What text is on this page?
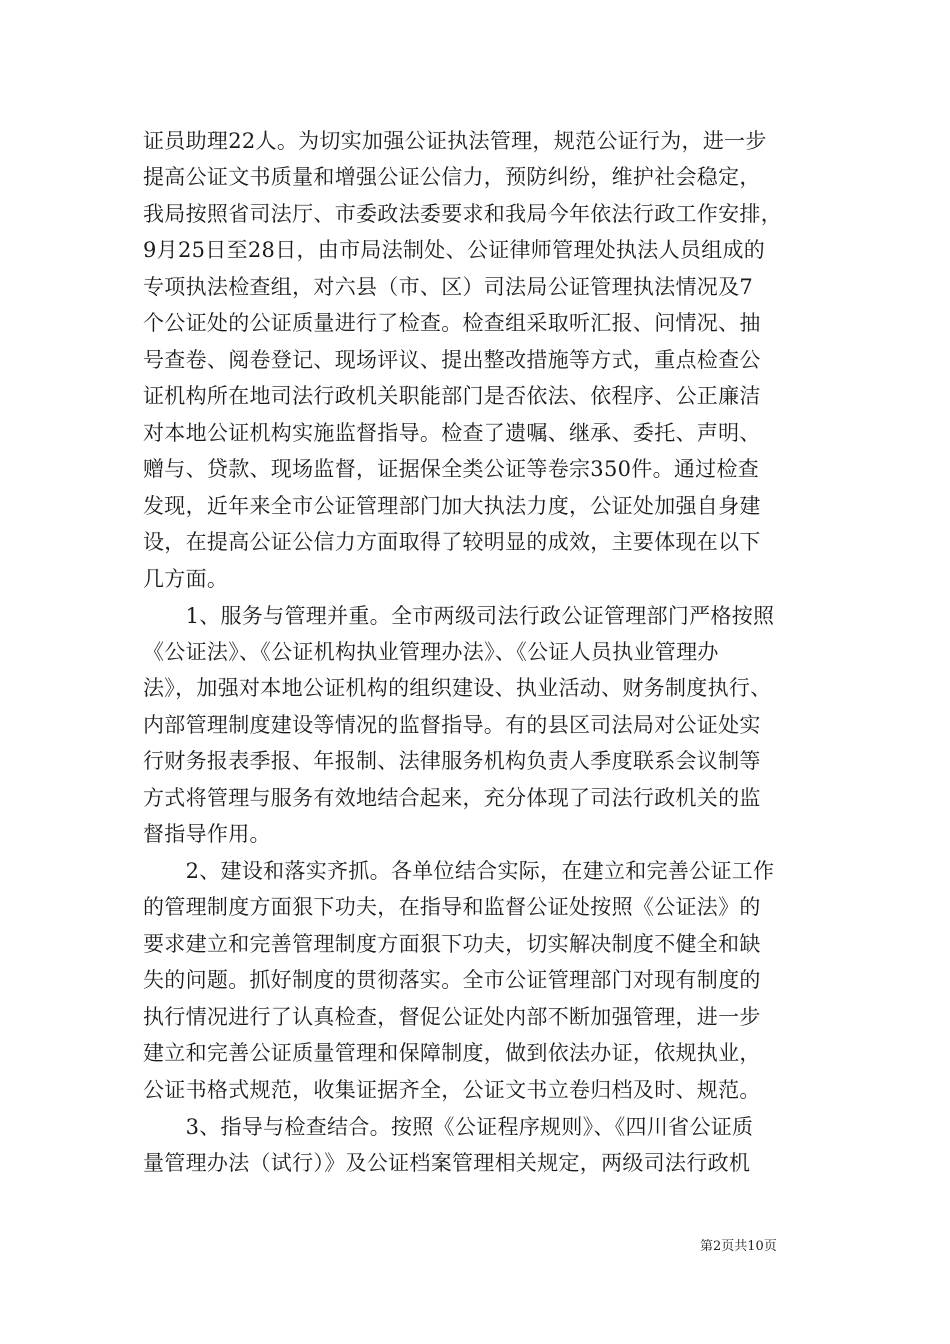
证员助理22人。为切实加强公证执法管理，规范公证行为，进一步
提高公证文书质量和增强公证公信力，预防纠纷，维护社会稳定，
我局按照省司法厅、市委政法委要求和我局今年依法行政工作安排，
9月25日至28日，由市局法制处、公证律师管理处执法人员组成的
专项执法检查组，对六县（市、区）司法局公证管理执法情况及7
个公证处的公证质量进行了检查。检查组采取听汇报、问情况、抽
号查卷、阅卷登记、现场评议、提出整改措施等方式，重点检查公
证机构所在地司法行政机关职能部门是否依法、依程序、公正廉洁
对本地公证机构实施监督指导。检查了遗嘱、继承、委托、声明、
赠与、贷款、现场监督，证据保全类公证等卷宗350件。通过检查
发现，近年来全市公证管理部门加大执法力度，公证处加强自身建
设，在提高公证公信力方面取得了较明显的成效，主要体现在以下
几方面。
　　1、服务与管理并重。全市两级司法行政公证管理部门严格按照
《公证法》、《公证机构执业管理办法》、《公证人员执业管理办
法》，加强对本地公证机构的组织建设、执业活动、财务制度执行、
内部管理制度建设等情况的监督指导。有的县区司法局对公证处实
行财务报表季报、年报制、法律服务机构负责人季度联系会议制等
方式将管理与服务有效地结合起来，充分体现了司法行政机关的监
督指导作用。
　　2、建设和落实齐抓。各单位结合实际，在建立和完善公证工作
的管理制度方面狠下功夫，在指导和监督公证处按照《公证法》的
要求建立和完善管理制度方面狠下功夫，切实解决制度不健全和缺
失的问题。抓好制度的贯彻落实。全市公证管理部门对现有制度的
执行情况进行了认真检查，督促公证处内部不断加强管理，进一步
建立和完善公证质量管理和保障制度，做到依法办证，依规执业，
公证书格式规范，收集证据齐全，公证文书立卷归档及时、规范。
　　3、指导与检查结合。按照《公证程序规则》、《四川省公证质
量管理办法（试行）》及公证档案管理相关规定，两级司法行政机
第2页共10页
